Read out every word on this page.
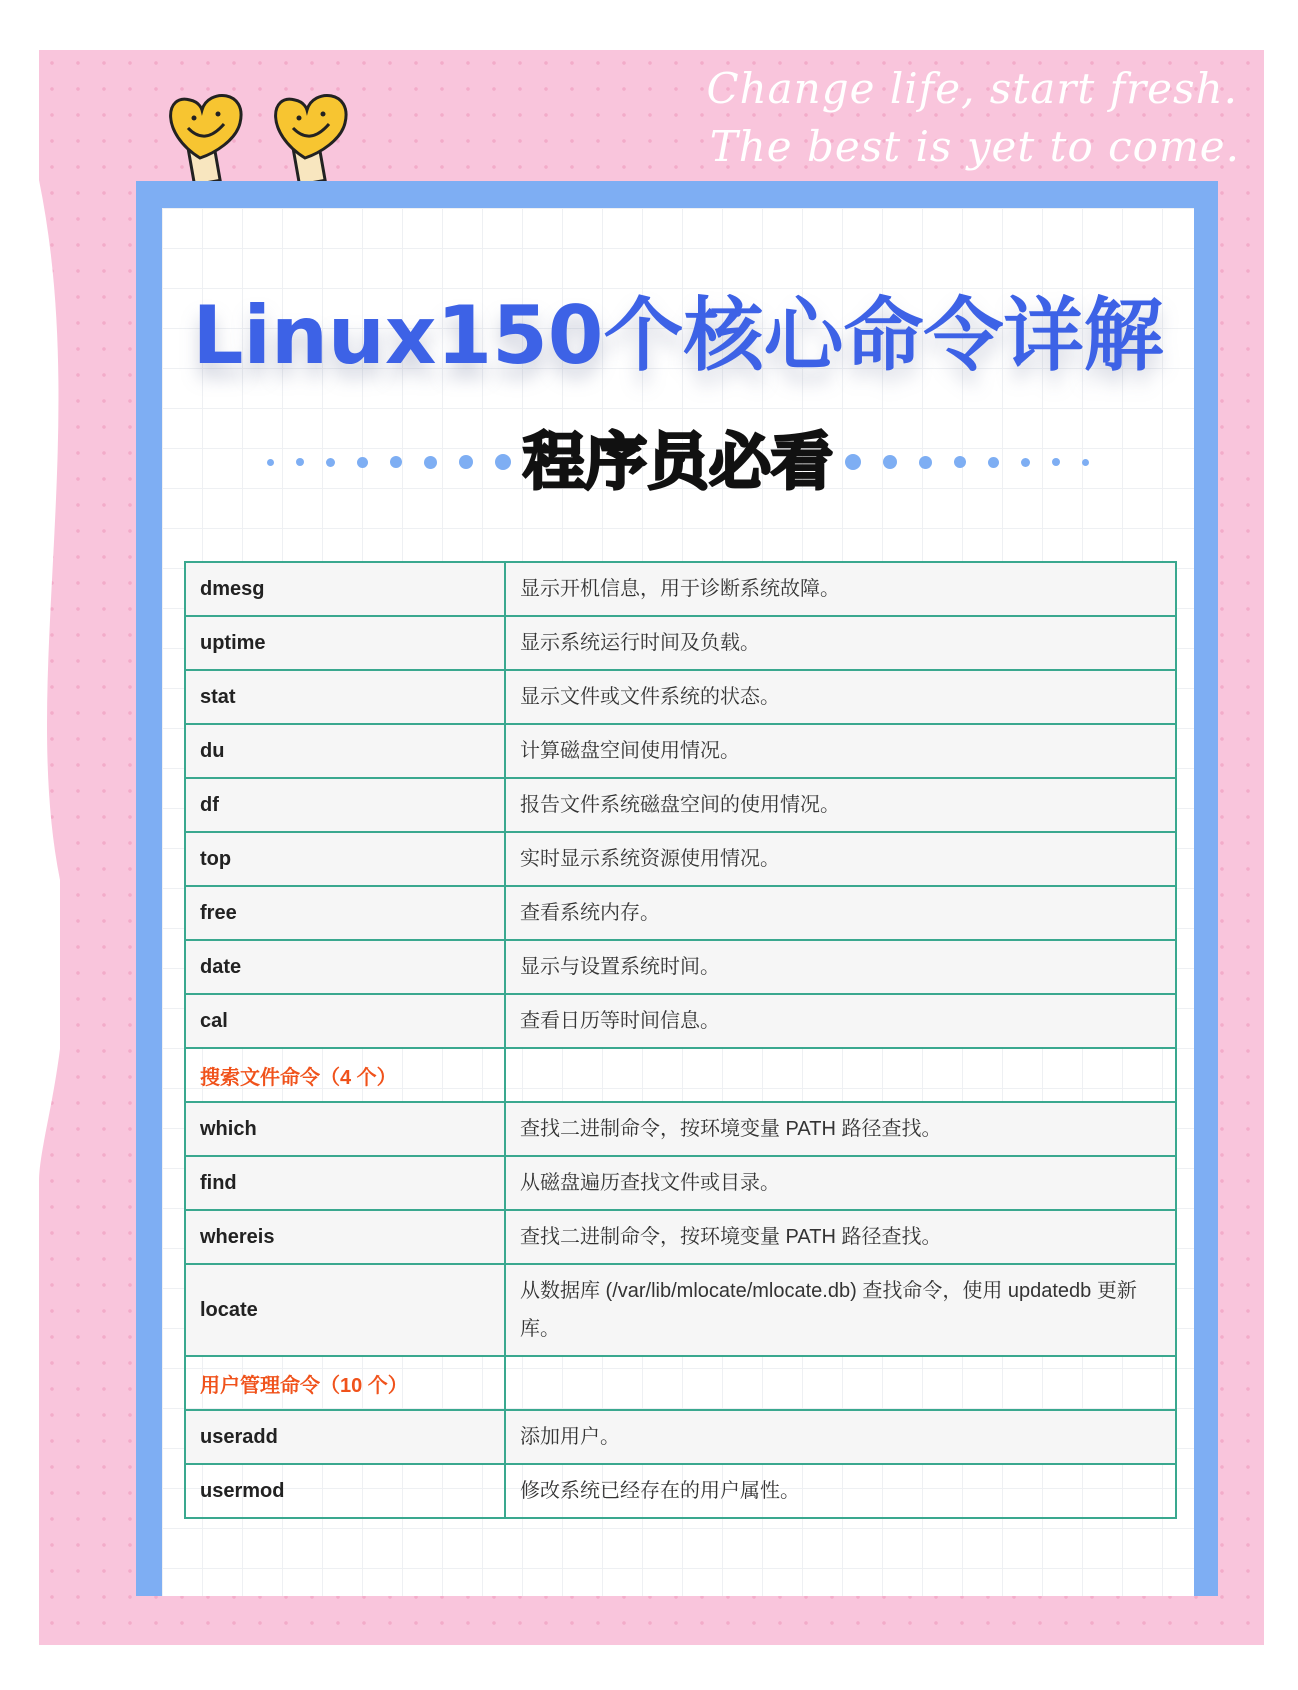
Change life, start fresh.
The best is yet to come.
Linux150个核心命令详解
程序员必看
dmesg	显示开机信息，用于诊断系统故障。
uptime	显示系统运行时间及负载。
stat	显示文件或文件系统的状态。
du	计算磁盘空间使用情况。
df	报告文件系统磁盘空间的使用情况。
top	实时显示系统资源使用情况。
free	查看系统内存。
date	显示与设置系统时间。
cal	查看日历等时间信息。
搜索文件命令（4 个）	
which	查找二进制命令，按环境变量 PATH 路径查找。
find	从磁盘遍历查找文件或目录。
whereis	查找二进制命令，按环境变量 PATH 路径查找。
locate	从数据库 (/var/lib/mlocate/mlocate.db) 查找命令，使用 updatedb 更新库。
用户管理命令（10 个）	
useradd	添加用户。
usermod	修改系统已经存在的用户属性。
